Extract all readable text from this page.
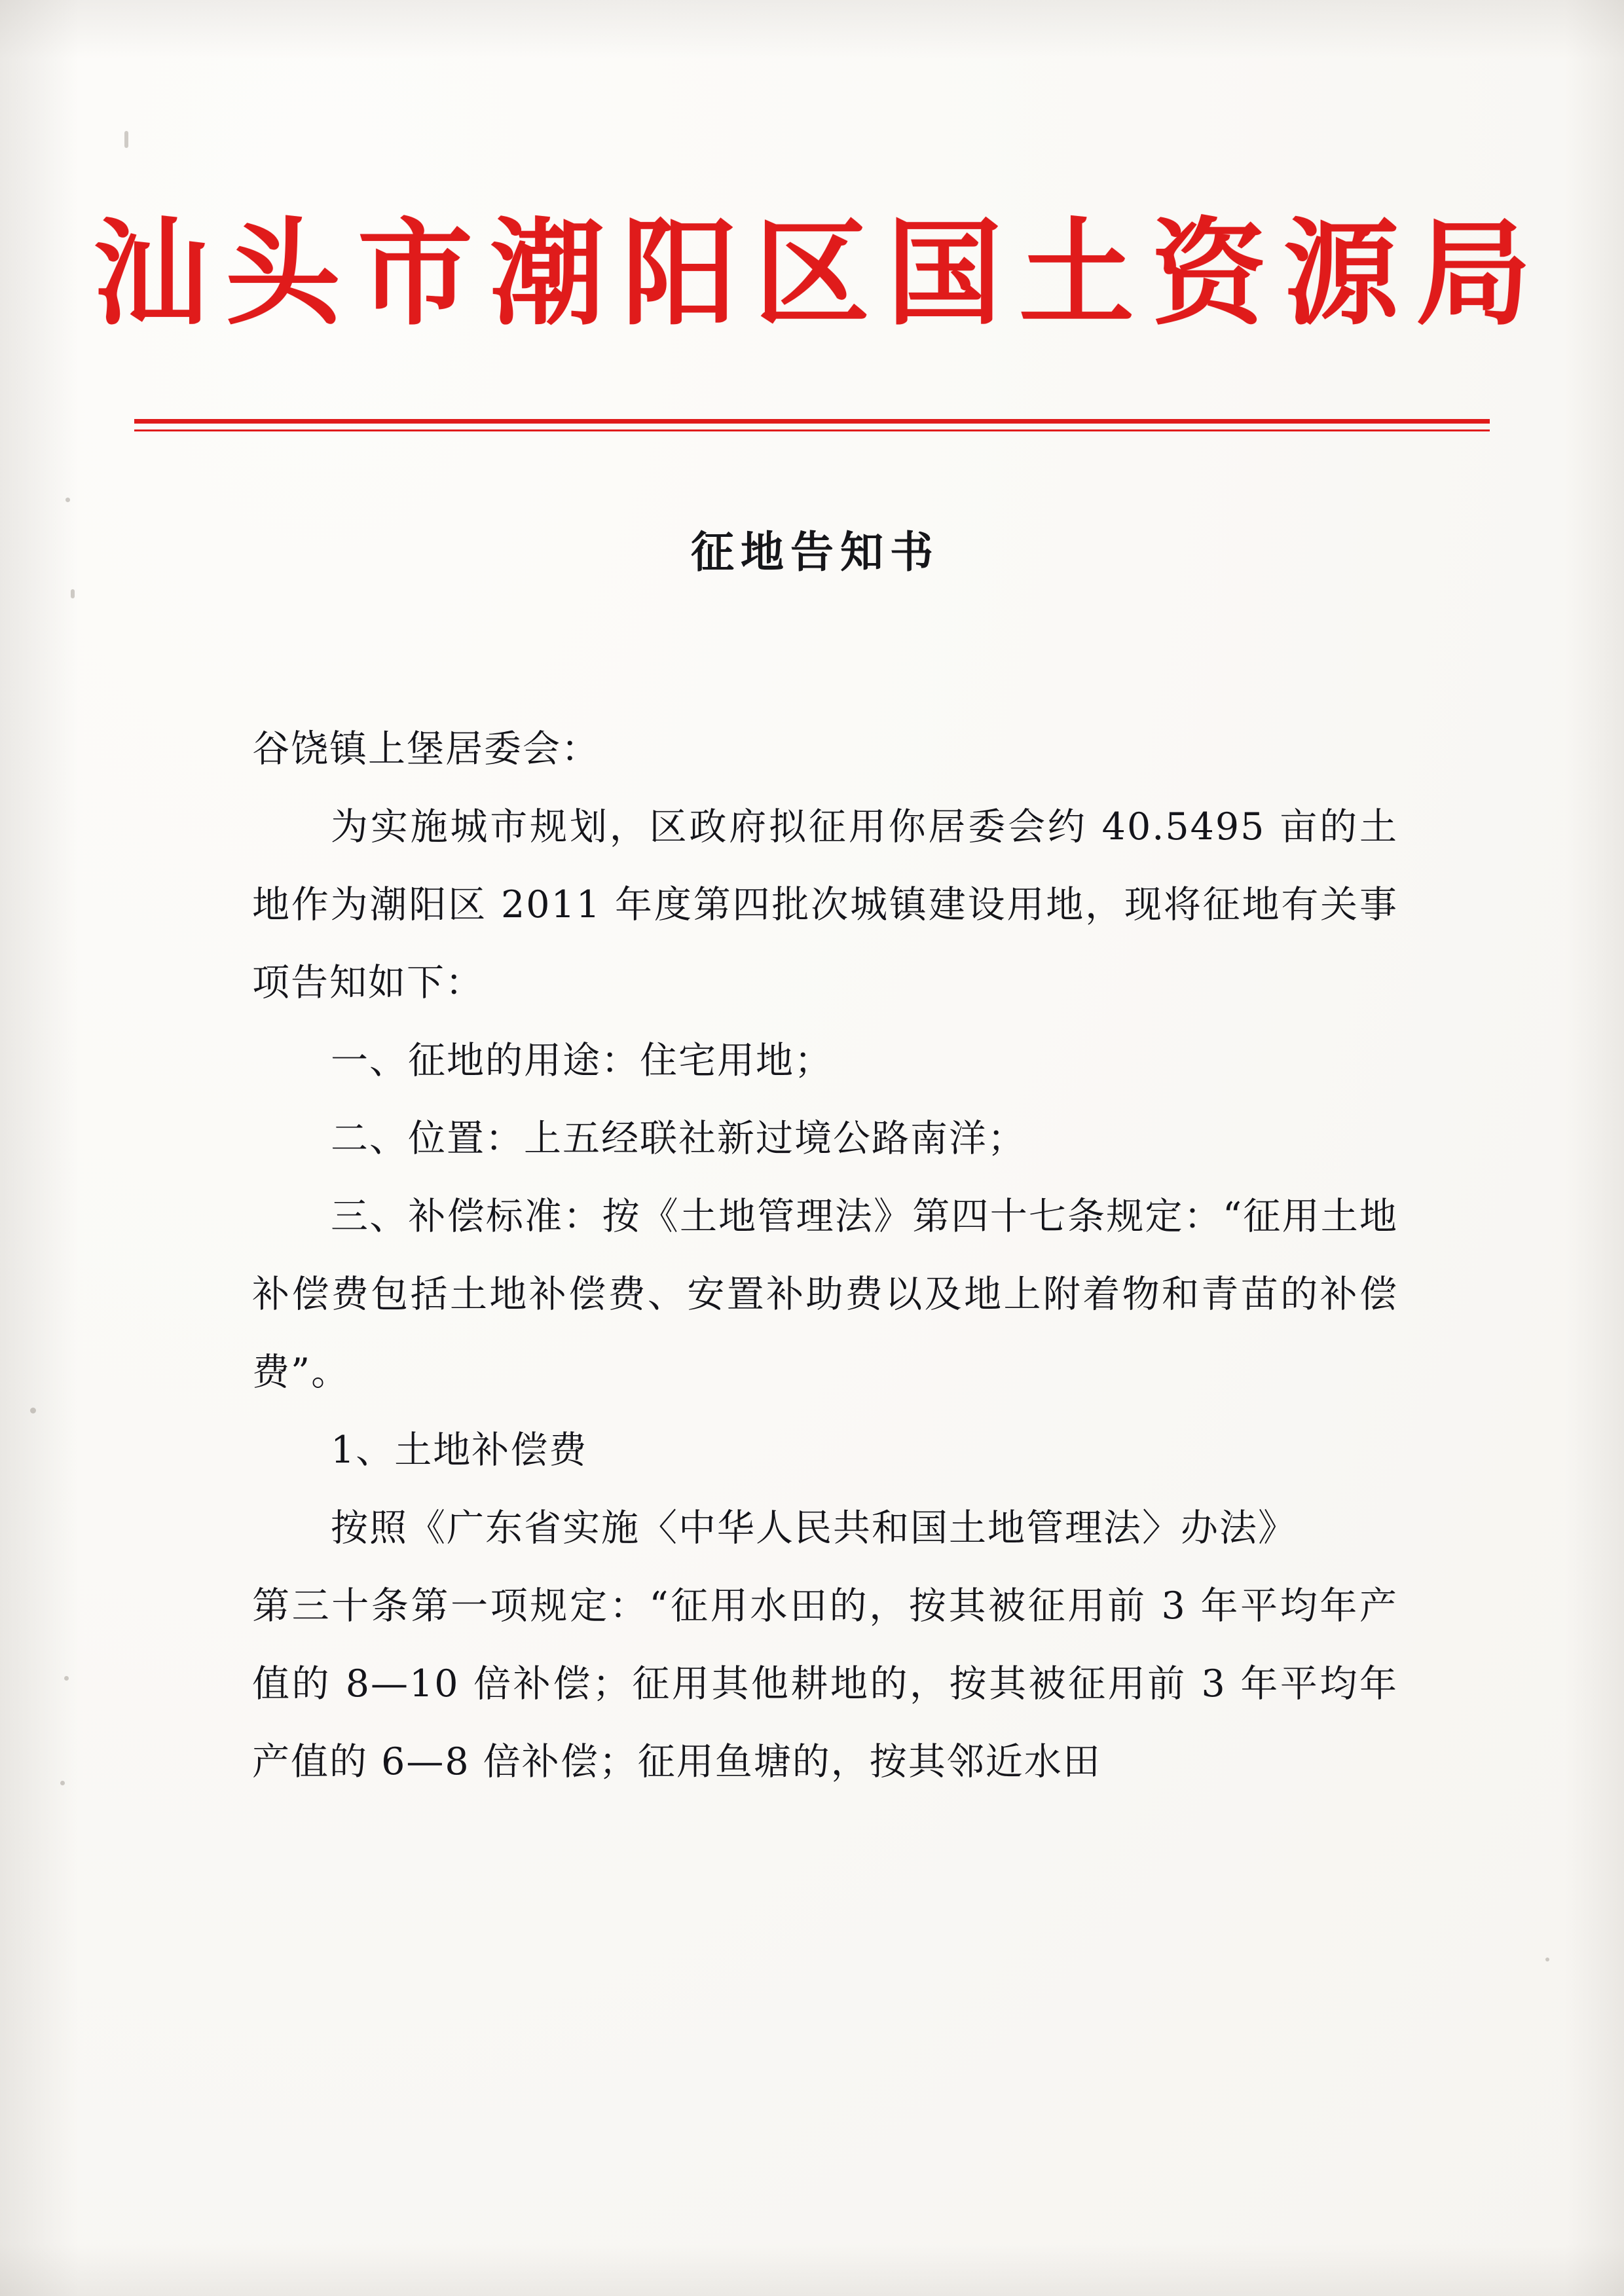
汕头市潮阳区国土资源局
征地告知书

谷饶镇上堡居委会：

为实施城市规划，区政府拟征用你居委会约 40.5495 亩的土地作为潮阳区 2011 年度第四批次城镇建设用地，现将征地有关事项告知如下：

一、征地的用途：住宅用地；

二、位置：上五经联社新过境公路南洋；

三、补偿标准：按《土地管理法》第四十七条规定：“征用土地补偿费包括土地补偿费、安置补助费以及地上附着物和青苗的补偿费”。

1、土地补偿费

按照《广东省实施〈中华人民共和国土地管理法〉办法》

第三十条第一项规定：“征用水田的，按其被征用前 3 年平均年产值的 8—10 倍补偿；征用其他耕地的，按其被征用前 3 年平均年产值的 6—8 倍补偿；征用鱼塘的，按其邻近水田
